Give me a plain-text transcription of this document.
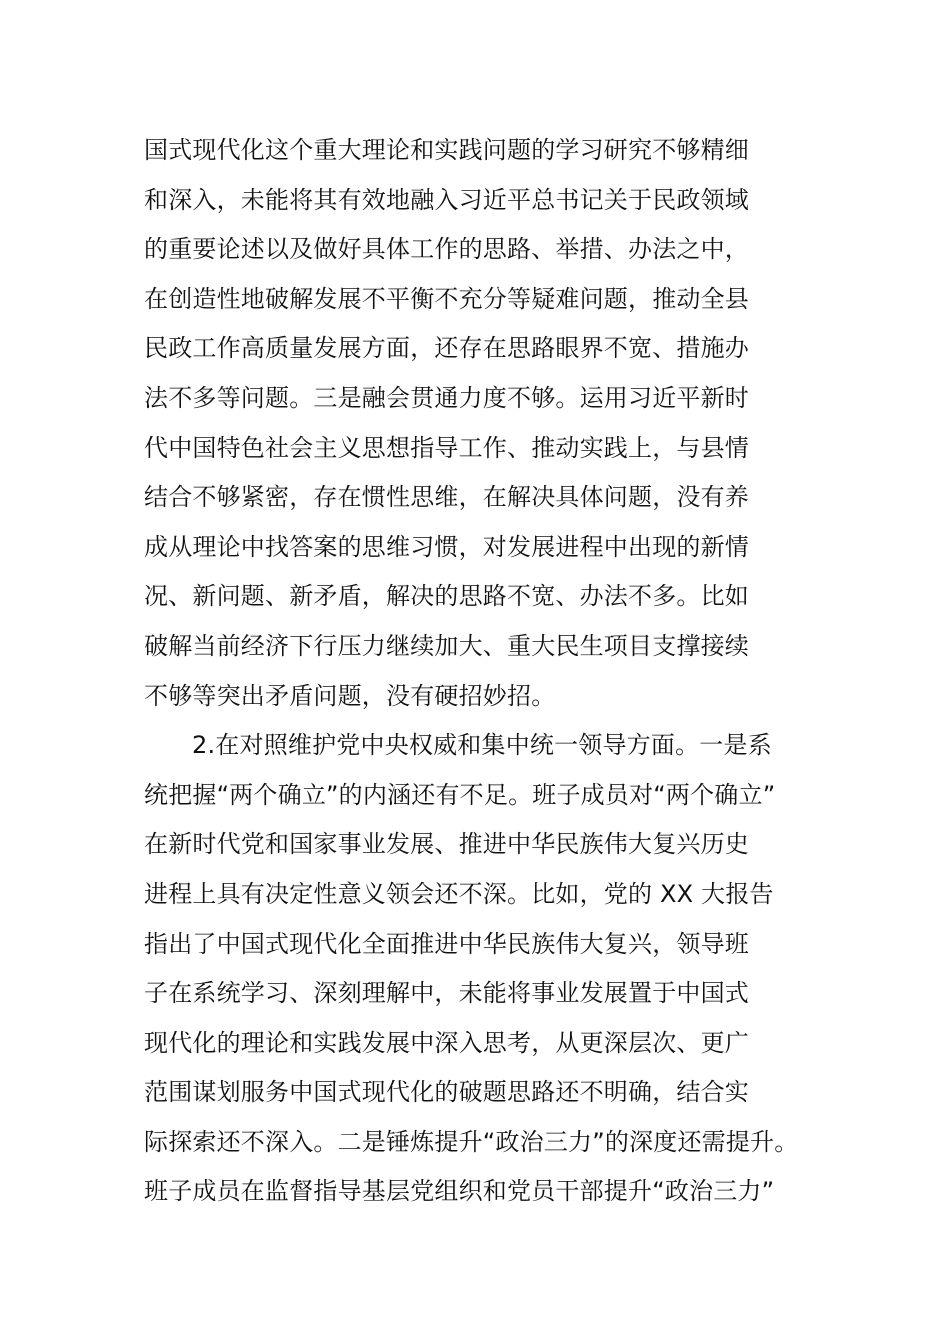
国式现代化这个重大理论和实践问题的学习研究不够精细
和深入，未能将其有效地融入习近平总书记关于民政领域
的重要论述以及做好具体工作的思路、举措、办法之中，
在创造性地破解发展不平衡不充分等疑难问题，推动全县
民政工作高质量发展方面，还存在思路眼界不宽、措施办
法不多等问题。三是融会贯通力度不够。运用习近平新时
代中国特色社会主义思想指导工作、推动实践上，与县情
结合不够紧密，存在惯性思维，在解决具体问题，没有养
成从理论中找答案的思维习惯，对发展进程中出现的新情
况、新问题、新矛盾，解决的思路不宽、办法不多。比如
破解当前经济下行压力继续加大、重大民生项目支撑接续
不够等突出矛盾问题，没有硬招妙招。
2.在对照维护党中央权威和集中统一领导方面。一是系
统把握“两个确立”的内涵还有不足。班子成员对“两个确立”
在新时代党和国家事业发展、推进中华民族伟大复兴历史
进程上具有决定性意义领会还不深。比如，党的 XX 大报告
指出了中国式现代化全面推进中华民族伟大复兴，领导班
子在系统学习、深刻理解中，未能将事业发展置于中国式
现代化的理论和实践发展中深入思考，从更深层次、更广
范围谋划服务中国式现代化的破题思路还不明确，结合实
际探索还不深入。二是锤炼提升“政治三力”的深度还需提升。
班子成员在监督指导基层党组织和党员干部提升“政治三力”
